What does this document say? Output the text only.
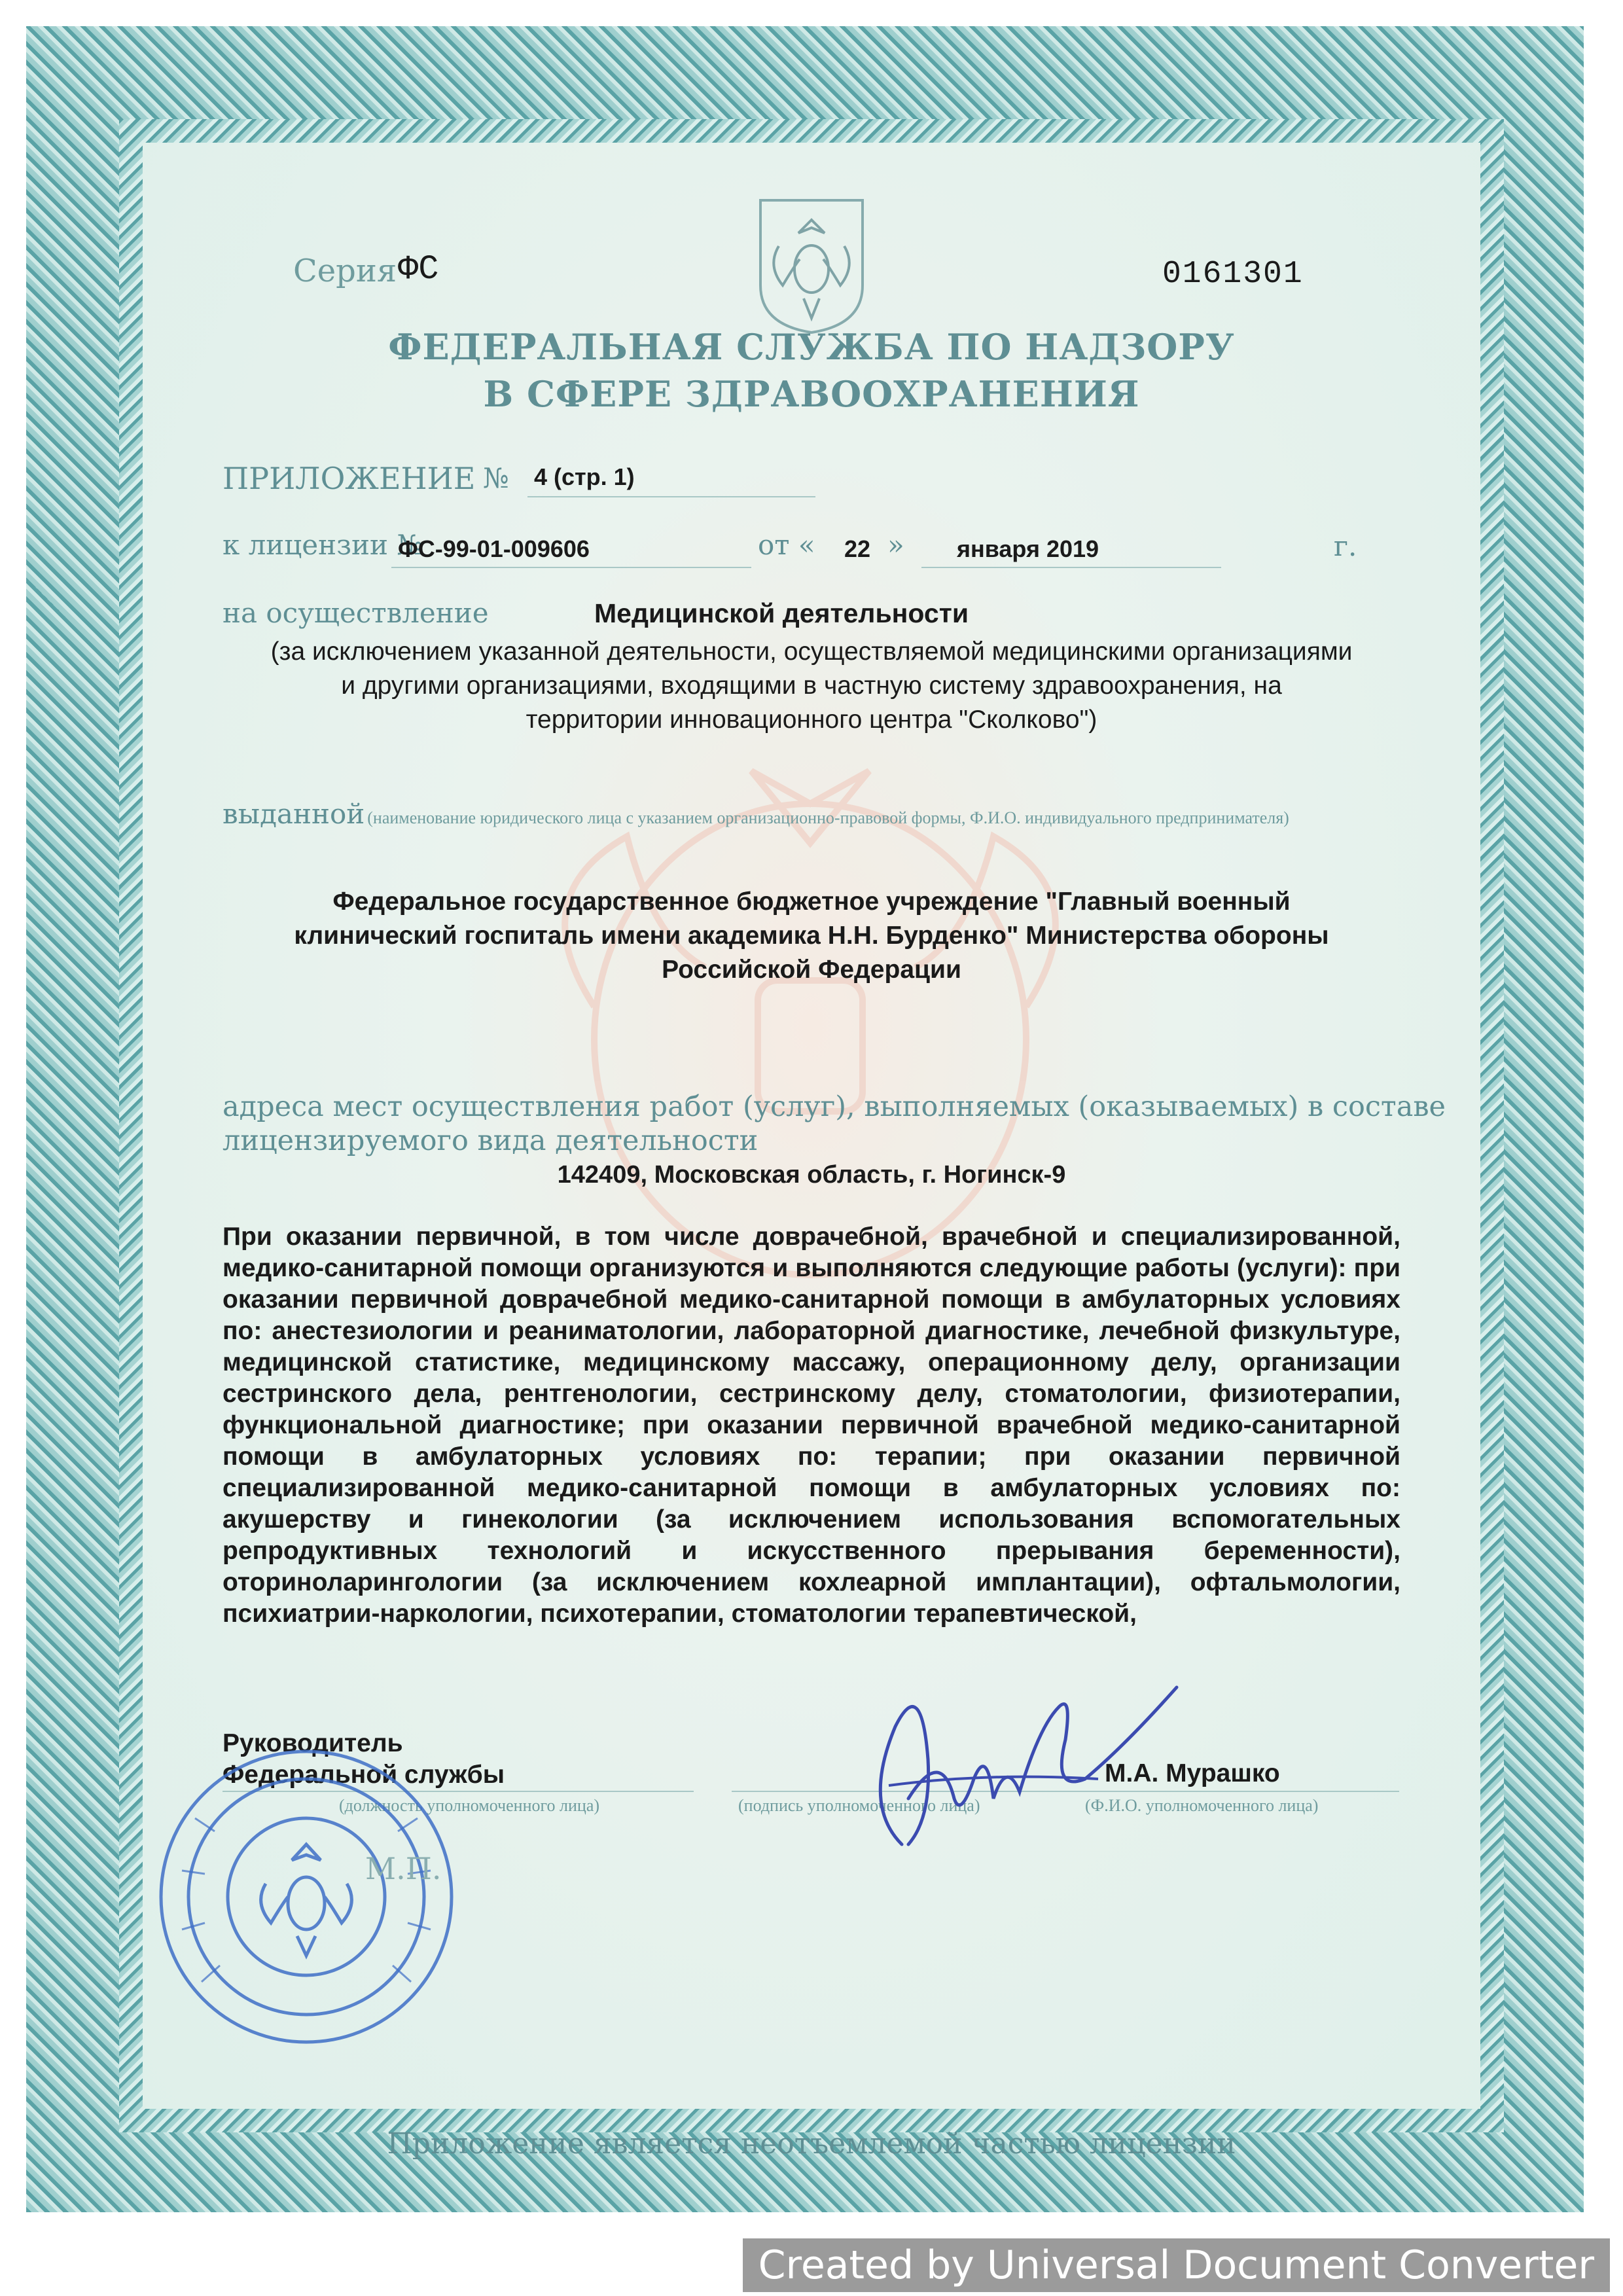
Серия ФС	0161301
ФЕДЕРАЛЬНАЯ СЛУЖБА ПО НАДЗОРУ
В СФЕРЕ ЗДРАВООХРАНЕНИЯ
ПРИЛОЖЕНИЕ № 4 (стр. 1)
к лицензии №
ФС-99-01-009606	от « 22 » января 2019	г.
на осуществление	Медицинской деятельности
(за исключением указанной деятельности, осуществляемой медицинскими организациями
и другими организациями, входящими в частную систему здравоохранения, на
территории инновационного центра "Сколково")
выданной (наименование юридического лица с указанием организационно-правовой формы, Ф.И.О. индивидуального предпринимателя)
Федеральное государственное бюджетное учреждение "Главный военный
клинический госпиталь имени академика Н.Н. Бурденко" Министерства обороны
Российской Федерации
адреса мест осуществления работ (услуг), выполняемых (оказываемых) в составе
лицензируемого вида деятельности
142409, Московская область, г. Ногинск-9
При оказании первичной, в том числе доврачебной, врачебной и специализированной, медико-санитарной помощи организуются и выполняются следующие работы (услуги): при оказании первичной доврачебной медико-санитарной помощи в амбулаторных условиях по: анестезиологии и реаниматологии, лабораторной диагностике, лечебной физкультуре, медицинской статистике, медицинскому массажу, операционному делу, организации сестринского дела, рентгенологии, сестринскому делу, стоматологии, физиотерапии, функциональной диагностике; при оказании первичной врачебной медико-санитарной помощи в амбулаторных условиях по: терапии; при оказании первичной специализированной медико-санитарной помощи в амбулаторных условиях по: акушерству и гинекологии (за исключением использования вспомогательных репродуктивных технологий и искусственного прерывания беременности), оториноларингологии (за исключением кохлеарной имплантации), офтальмологии, психиатрии-наркологии, психотерапии, стоматологии терапевтической,
Руководитель
Федеральной службы
(должность уполномоченного лица)	(подпись уполномоченного лица)
М.А. Мурашко
(Ф.И.О. уполномоченного лица)
М.П.
Приложение является неотъемлемой частью лицензии
Created by Universal Document Converter
